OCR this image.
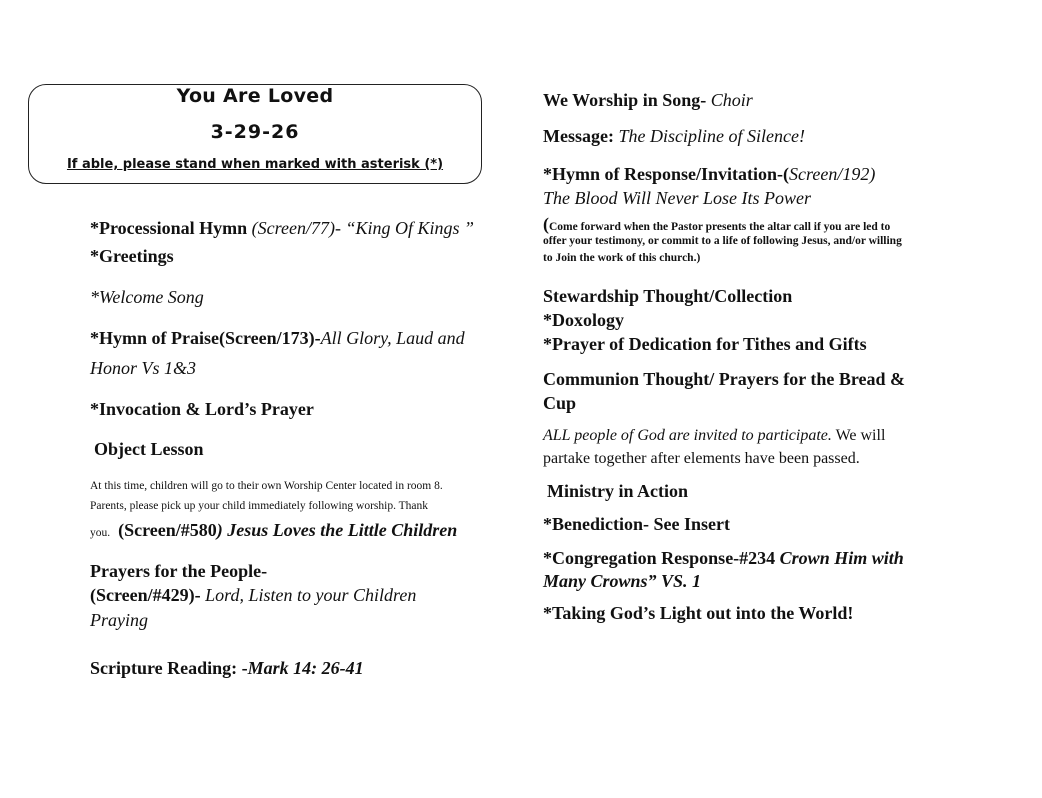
You Are Loved
3-29-26
If able, please stand when marked with asterisk (*)
*Processional Hymn (Screen/77)- “King Of Kings ”
*Greetings
*Welcome Song
*Hymn of Praise(Screen/173)-All Glory, Laud and
Honor Vs 1&3
*Invocation & Lord’s Prayer
Object Lesson
At this time, children will go to their own Worship Center located in room 8.
Parents, please pick up your child immediately following worship. Thank
you. (Screen/#580) Jesus Loves the Little Children
Prayers for the People-
(Screen/#429)- Lord, Listen to your Children
Praying
Scripture Reading: -Mark 14: 26-41
We Worship in Song- Choir
Message: The Discipline of Silence!
*Hymn of Response/Invitation-(Screen/192)
The Blood Will Never Lose Its Power
(Come forward when the Pastor presents the altar call if you are led to
offer your testimony, or commit to a life of following Jesus, and/or willing
to Join the work of this church.)
Stewardship Thought/Collection
*Doxology
*Prayer of Dedication for Tithes and Gifts
Communion Thought/ Prayers for the Bread &
Cup
ALL people of God are invited to participate. We will
partake together after elements have been passed.
Ministry in Action
*Benediction- See Insert
*Congregation Response-#234 Crown Him with
Many Crowns” VS. 1
*Taking God’s Light out into the World!
